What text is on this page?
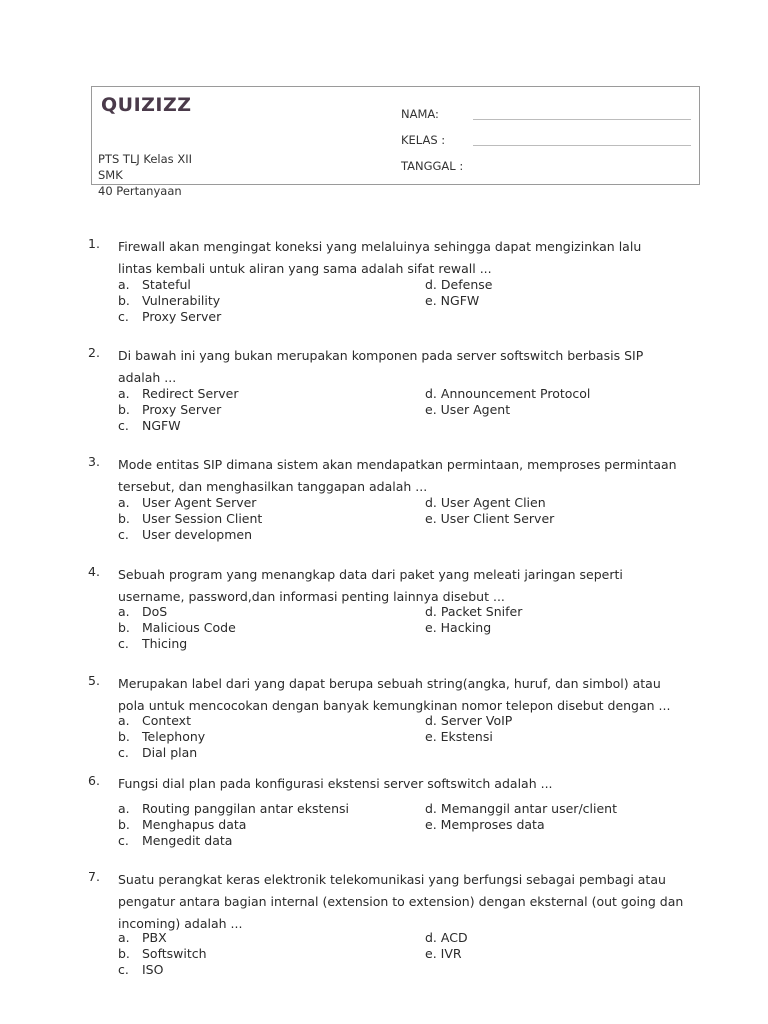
QUIZIZZ
PTS TLJ Kelas XII
SMK
40 Pertanyaan
NAMA:
KELAS :
TANGGAL :
1. Firewall akan mengingat koneksi yang melaluinya sehingga dapat mengizinkan lalu
lintas kembali untuk aliran yang sama adalah sifat rewall ...
a. Stateful
b. Vulnerability
c. Proxy Server
d. Defense
e. NGFW
2. Di bawah ini yang bukan merupakan komponen pada server softswitch berbasis SIP
adalah ...
a. Redirect Server
b. Proxy Server
c. NGFW
d. Announcement Protocol
e. User Agent
3. Mode entitas SIP dimana sistem akan mendapatkan permintaan, memproses permintaan
tersebut, dan menghasilkan tanggapan adalah ...
a. User Agent Server
b. User Session Client
c. User developmen
d. User Agent Clien
e. User Client Server
4. Sebuah program yang menangkap data dari paket yang meleati jaringan seperti
username, password,dan informasi penting lainnya disebut ...
a. DoS
b. Malicious Code
c. Thicing
d. Packet Snifer
e. Hacking
5. Merupakan label dari yang dapat berupa sebuah string(angka, huruf, dan simbol) atau
pola untuk mencocokan dengan banyak kemungkinan nomor telepon disebut dengan ...
a. Context
b. Telephony
c. Dial plan
d. Server VoIP
e. Ekstensi
6. Fungsi dial plan pada konfigurasi ekstensi server softswitch adalah ...
a. Routing panggilan antar ekstensi
b. Menghapus data
c. Mengedit data
d. Memanggil antar user/client
e. Memproses data
7. Suatu perangkat keras elektronik telekomunikasi yang berfungsi sebagai pembagi atau
pengatur antara bagian internal (extension to extension) dengan eksternal (out going dan
incoming) adalah ...
a. PBX
b. Softswitch
c. ISO
d. ACD
e. IVR
